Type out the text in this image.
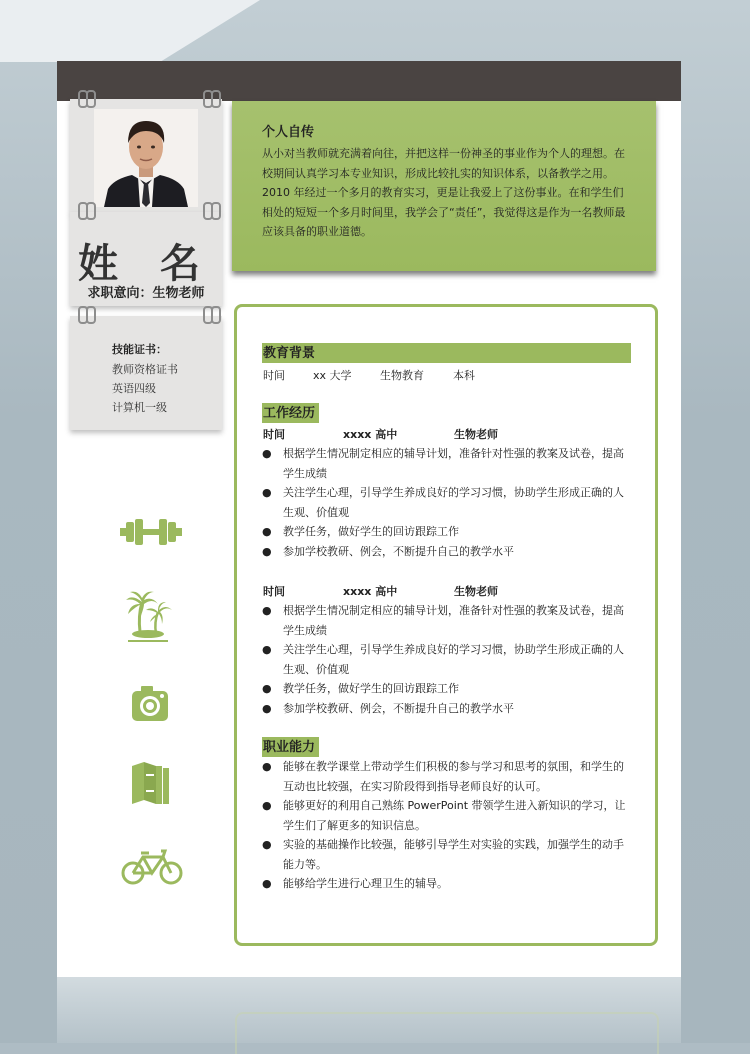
姓 名
求职意向：生物老师
技能证书：
教师资格证书
英语四级
计算机一级
个人自传

从小对当教师就充满着向往，并把这样一份神圣的事业作为个人的理想。在校期间认真学习本专业知识，形成比较扎实的知识体系，以备教学之用。2010 年经过一个多月的教育实习，更是让我爱上了这份事业。在和学生们相处的短短一个多月时间里，我学会了“责任”，我觉得这是作为一名教师最应该具备的职业道德。

教育背景
时间	xx 大学	生物教育	本科
工作经历
时间	xxxx 高中	生物老师
● 根据学生情况制定相应的辅导计划，准备针对性强的教案及试卷，提高学生成绩
● 关注学生心理，引导学生养成良好的学习习惯，协助学生形成正确的人生观、价值观
● 教学任务，做好学生的回访跟踪工作
● 参加学校教研、例会，不断提升自己的教学水平
时间	xxxx 高中	生物老师
● 根据学生情况制定相应的辅导计划，准备针对性强的教案及试卷，提高学生成绩
● 关注学生心理，引导学生养成良好的学习习惯，协助学生形成正确的人生观、价值观
● 教学任务，做好学生的回访跟踪工作
● 参加学校教研、例会，不断提升自己的教学水平
职业能力
● 能够在教学课堂上带动学生们积极的参与学习和思考的氛围，和学生的互动也比较强，在实习阶段得到指导老师良好的认可。
● 能够更好的利用自己熟练 PowerPoint 带领学生进入新知识的学习，让学生们了解更多的知识信息。
● 实验的基础操作比较强，能够引导学生对实验的实践，加强学生的动手能力等。
● 能够给学生进行心理卫生的辅导。
